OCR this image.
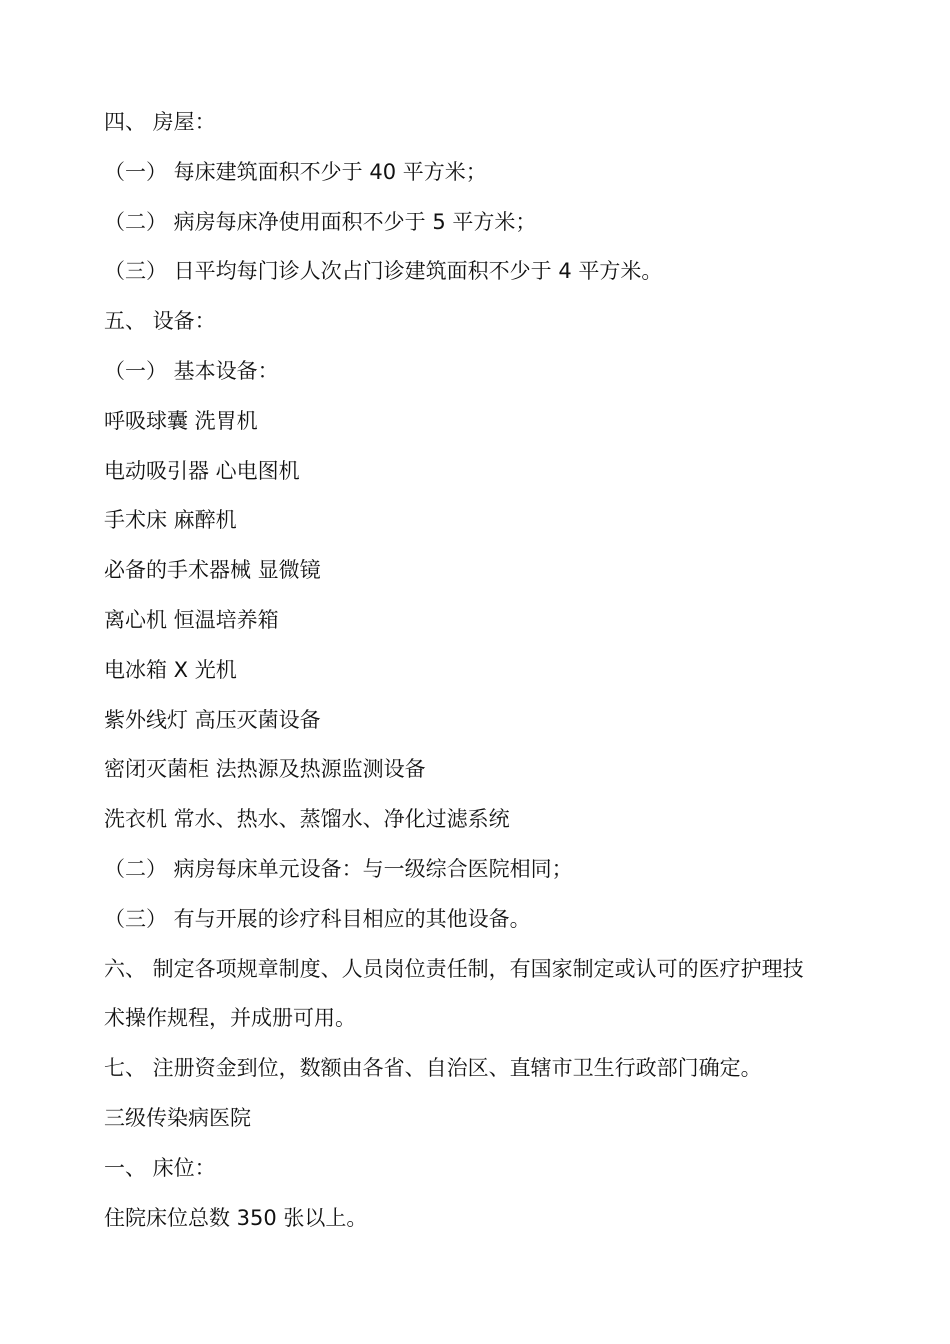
四、 房屋：
（一） 每床建筑面积不少于 40 平方米；
（二） 病房每床净使用面积不少于 5 平方米；
（三） 日平均每门诊人次占门诊建筑面积不少于 4 平方米。
五、 设备：
（一） 基本设备：
呼吸球囊 洗胃机
电动吸引器 心电图机
手术床 麻醉机
必备的手术器械 显微镜
离心机 恒温培养箱
电冰箱 X 光机
紫外线灯 高压灭菌设备
密闭灭菌柜 法热源及热源监测设备
洗衣机 常水、热水、蒸馏水、净化过滤系统
（二） 病房每床单元设备：与一级综合医院相同；
（三） 有与开展的诊疗科目相应的其他设备。
六、 制定各项规章制度、人员岗位责任制，有国家制定或认可的医疗护理技
术操作规程，并成册可用。
七、 注册资金到位，数额由各省、自治区、直辖市卫生行政部门确定。
三级传染病医院
一、 床位：
住院床位总数 350 张以上。
